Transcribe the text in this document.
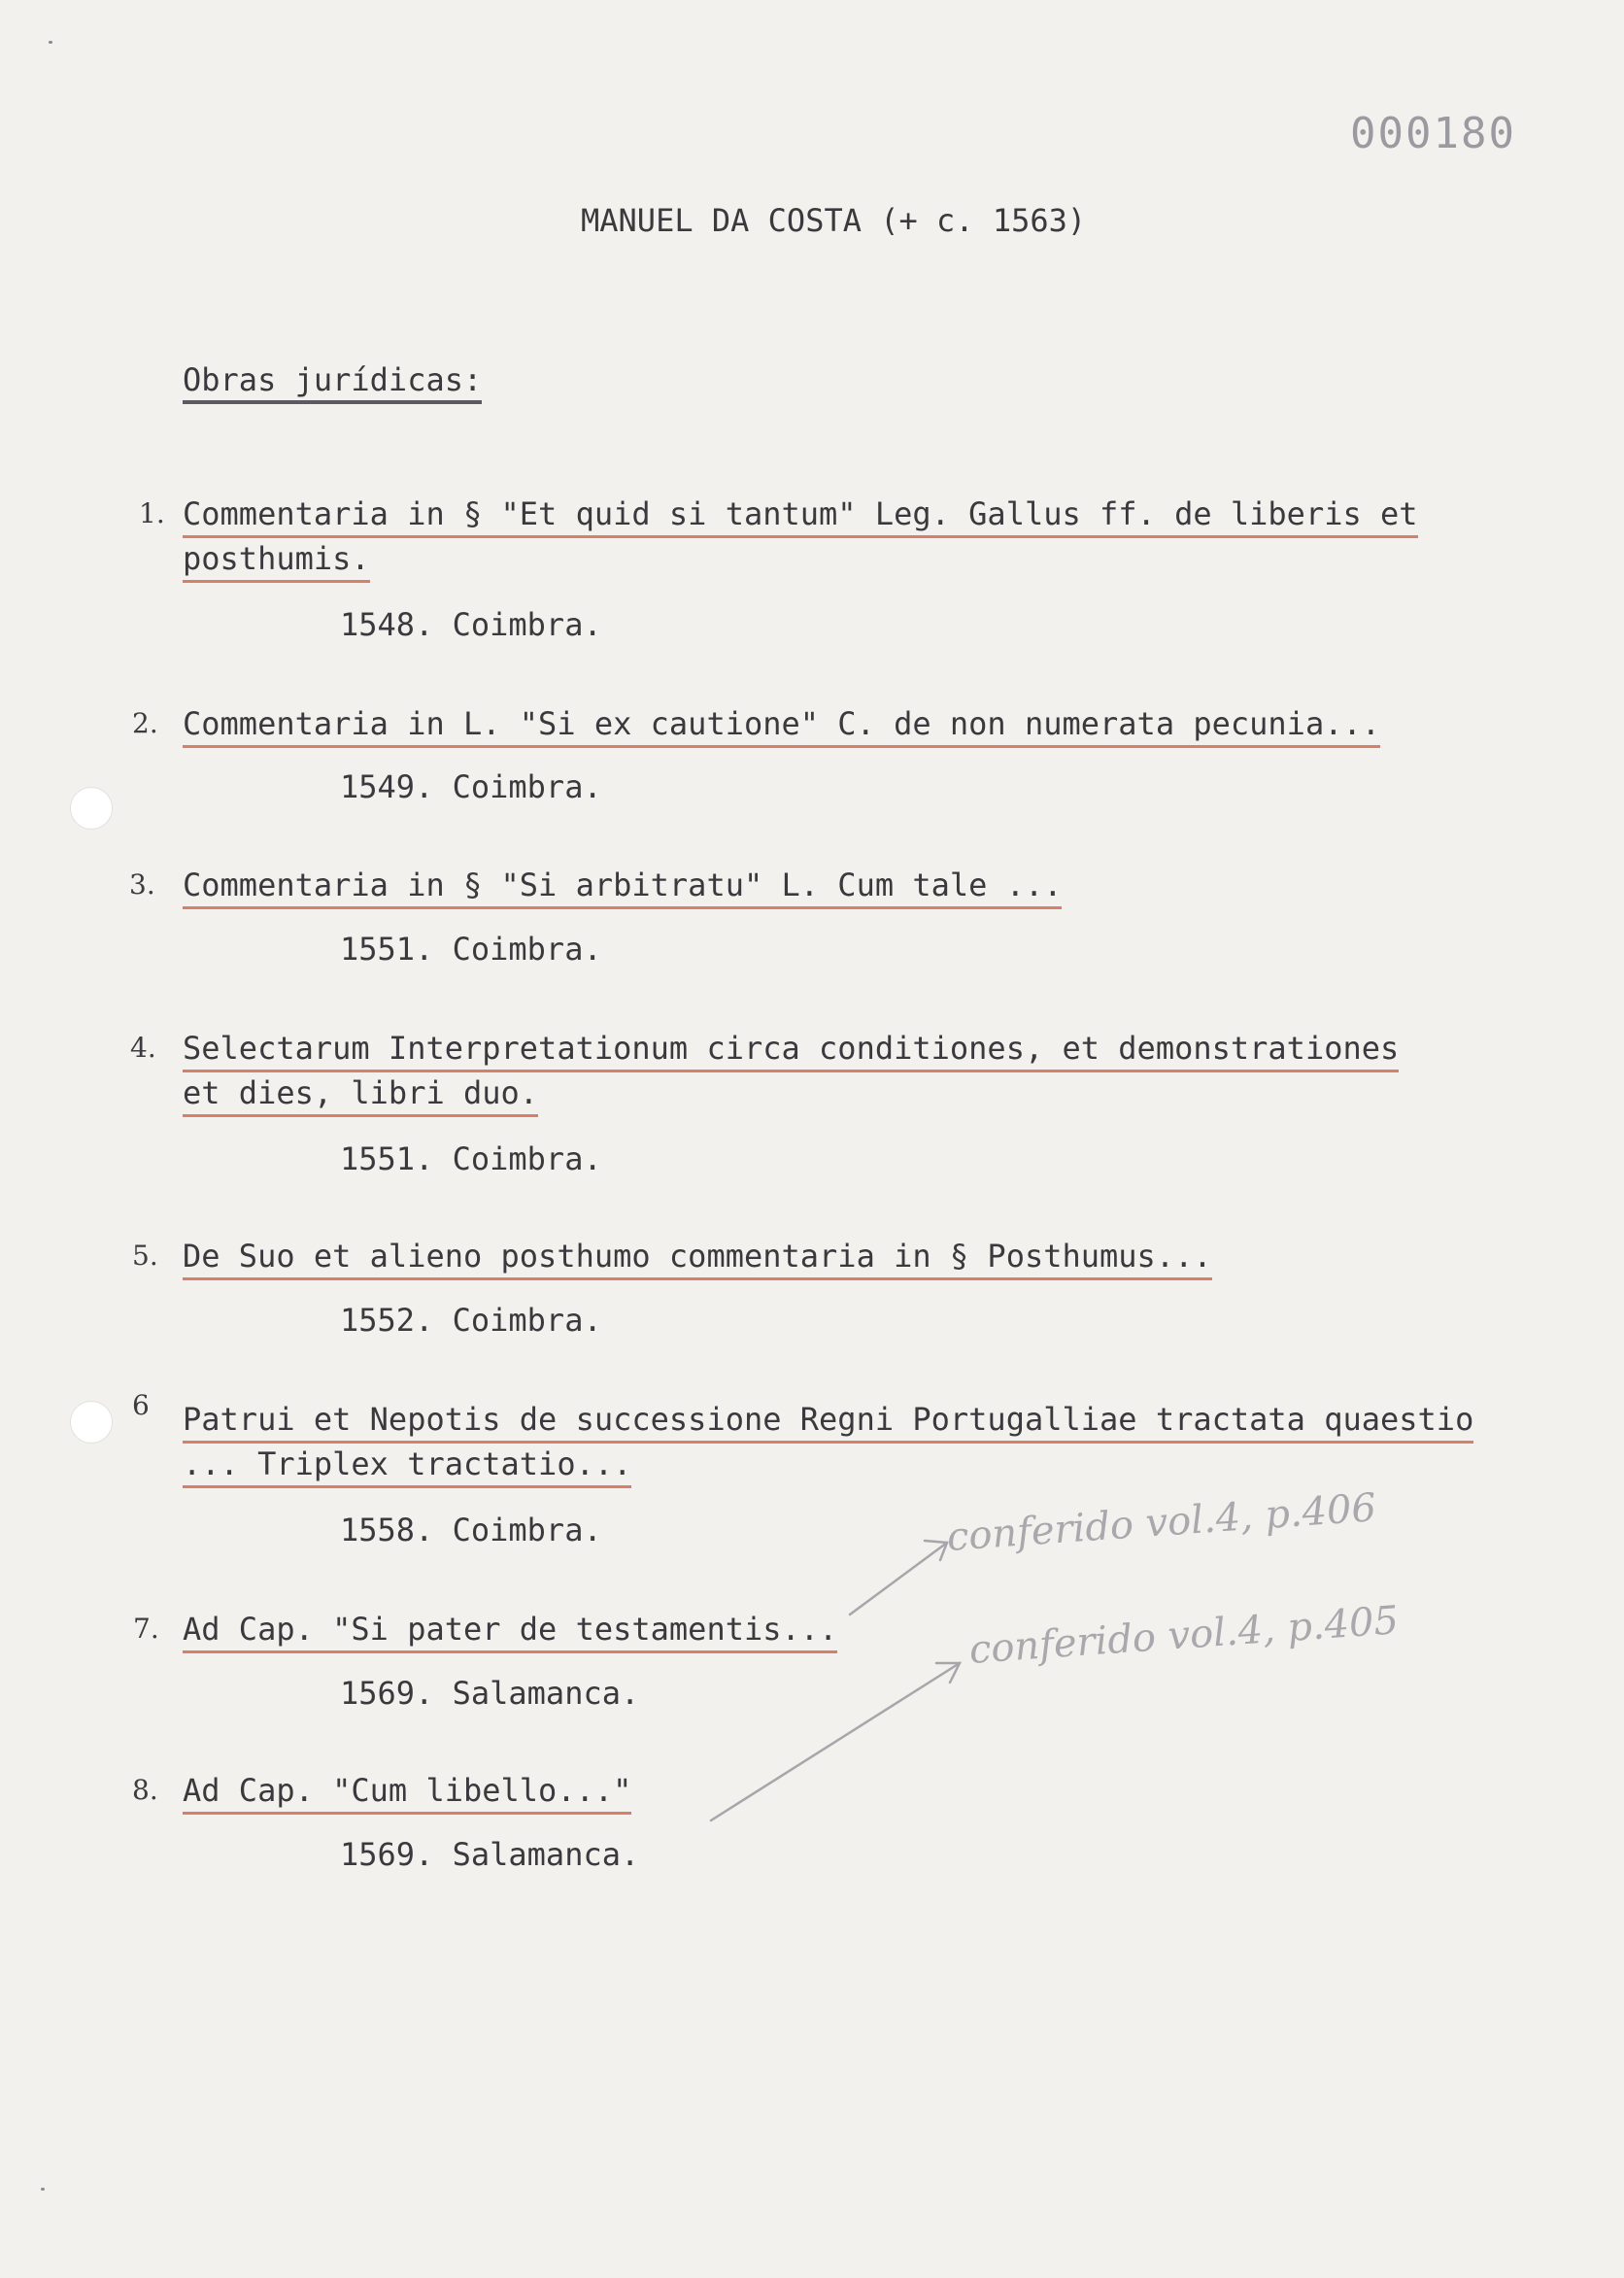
000180
MANUEL DA COSTA (+ c. 1563)
Obras jurídicas:
1. Commentaria in § "Et quid si tantum" Leg. Gallus ff. de liberis et
posthumis.
1548. Coimbra.
2. Commentaria in L. "Si ex cautione" C. de non numerata pecunia...
1549. Coimbra.
3. Commentaria in § "Si arbitratu" L. Cum tale ...
1551. Coimbra.
4. Selectarum Interpretationum circa conditiones, et demonstrationes
et dies, libri duo.
1551. Coimbra.
5. De Suo et alieno posthumo commentaria in § Posthumus...
1552. Coimbra.
6 Patrui et Nepotis de successione Regni Portugalliae tractata quaestio
... Triplex tractatio...
1558. Coimbra.
7. Ad Cap. "Si pater de testamentis...
1569. Salamanca.
8. Ad Cap. "Cum libello..."
1569. Salamanca.
conferido vol.4, p.406
conferido vol.4, p.405
